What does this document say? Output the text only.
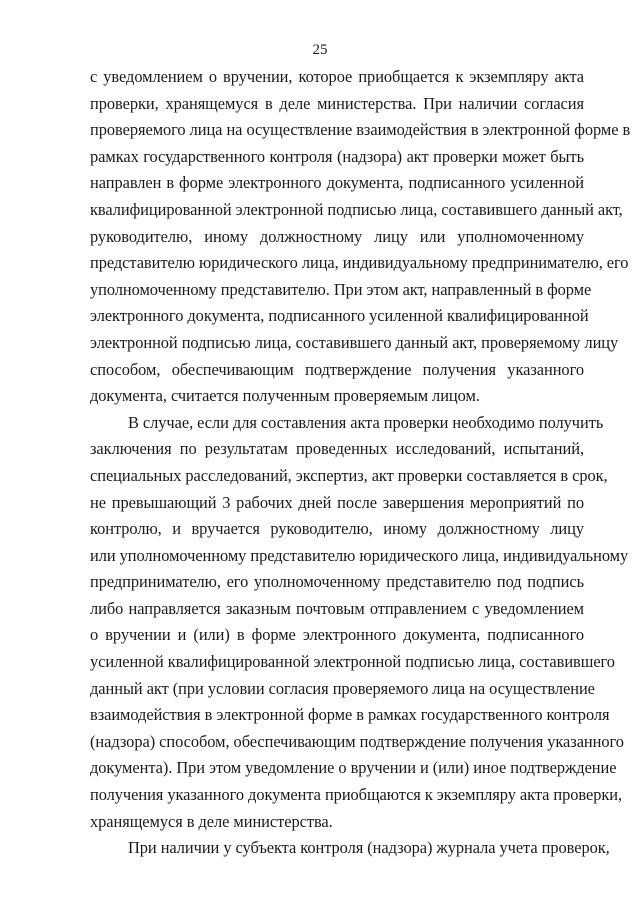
25
с уведомлением о вручении, которое приобщается к экземпляру акта
проверки, хранящемуся в деле министерства. При наличии согласия
проверяемого лица на осуществление взаимодействия в электронной форме в
рамках государственного контроля (надзора) акт проверки может быть
направлен в форме электронного документа, подписанного усиленной
квалифицированной электронной подписью лица, составившего данный акт,
руководителю, иному должностному лицу или уполномоченному
представителю юридического лица, индивидуальному предпринимателю, его
уполномоченному представителю. При этом акт, направленный в форме
электронного документа, подписанного усиленной квалифицированной
электронной подписью лица, составившего данный акт, проверяемому лицу
способом, обеспечивающим подтверждение получения указанного
документа, считается полученным проверяемым лицом.
В случае, если для составления акта проверки необходимо получить
заключения по результатам проведенных исследований, испытаний,
специальных расследований, экспертиз, акт проверки составляется в срок,
не превышающий 3 рабочих дней после завершения мероприятий по
контролю, и вручается руководителю, иному должностному лицу
или уполномоченному представителю юридического лица, индивидуальному
предпринимателю, его уполномоченному представителю под подпись
либо направляется заказным почтовым отправлением с уведомлением
о вручении и (или) в форме электронного документа, подписанного
усиленной квалифицированной электронной подписью лица, составившего
данный акт (при условии согласия проверяемого лица на осуществление
взаимодействия в электронной форме в рамках государственного контроля
(надзора) способом, обеспечивающим подтверждение получения указанного
документа). При этом уведомление о вручении и (или) иное подтверждение
получения указанного документа приобщаются к экземпляру акта проверки,
хранящемуся в деле министерства.
При наличии у субъекта контроля (надзора) журнала учета проверок,
